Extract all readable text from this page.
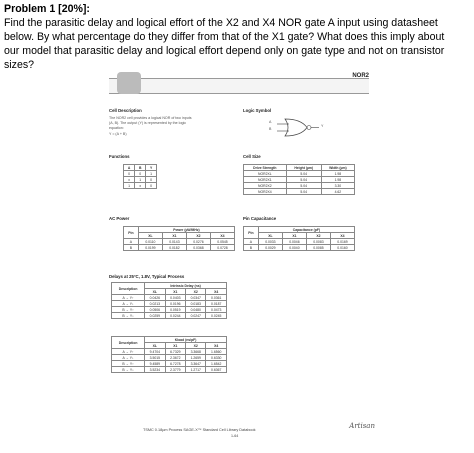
Problem 1 [20%]:
Find the parasitic delay and logical effort of the X2 and X4 NOR gate A input using datasheet
below. By what percentage do they differ from that of the X1 gate? What does this imply about
our model that parasitic delay and logical effort depend only on gate type and not on transistor
sizes?
NOR2
Cell Description
The NOR2 cell provides a logical NOR of two inputs
(A, B). The output (Y) is represented by the logic
equation:
Y = (A + B)
Logic Symbol
A
B
Y
Functions
A	B	Y
0	0	1
x	1	0
1	x	0
Cell Size
Drive Strength	Height (µm)	Width (µm)
NOR2XL	5.04	1.98
NOR2X1	5.04	1.98
NOR2X2	5.04	3.30
NOR2X4	5.04	4.62
AC Power
Pin	Power (µW/MHz)			
	XL	X1	X2	X4
A	0.0110	0.0143	0.0276	0.0545
B	0.0199	0.0182	0.0368	0.0728
Pin Capacitance
Pin	Capacitance (pF)			
	XL	X1	X2	X4
A	0.0033	0.0046	0.0083	0.0169
B	0.0029	0.0040	0.0085	0.0160
Delays at 25°C, 1.8V, Typical Process
Description	Intrinsic Delay (ns)			
	XL	X1	X2	X4
A → Y↑	0.0426	0.0403	0.0347	0.0361
A → Y↓	0.0213	0.0196	0.0183	0.0187
B → Y↑	0.0506	0.0519	0.0480	0.0473
B → Y↓	0.0259	0.0244	0.0247	0.0245
Description	Kload (ns/pF)			
	XL	X1	X2	X4
A → Y↑	9.4704	6.7329	3.3668	1.6560
A → Y↓	3.5015	2.3672	1.2659	0.6330
B → Y↑	9.4589	6.7278	3.3647	1.6542
B → Y↓	3.5234	2.3779	1.2717	0.6367
TSMC 0.18µm Process SAGE-X™ Standard Cell Library Databook
1-64
Artisan
